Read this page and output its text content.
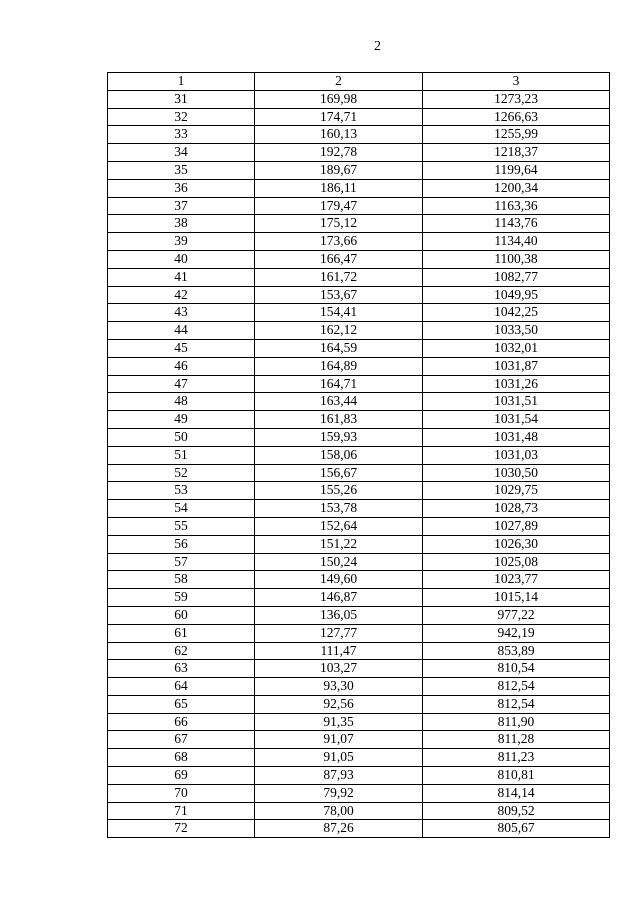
2
1	2	3
31	169,98	1273,23
32	174,71	1266,63
33	160,13	1255,99
34	192,78	1218,37
35	189,67	1199,64
36	186,11	1200,34
37	179,47	1163,36
38	175,12	1143,76
39	173,66	1134,40
40	166,47	1100,38
41	161,72	1082,77
42	153,67	1049,95
43	154,41	1042,25
44	162,12	1033,50
45	164,59	1032,01
46	164,89	1031,87
47	164,71	1031,26
48	163,44	1031,51
49	161,83	1031,54
50	159,93	1031,48
51	158,06	1031,03
52	156,67	1030,50
53	155,26	1029,75
54	153,78	1028,73
55	152,64	1027,89
56	151,22	1026,30
57	150,24	1025,08
58	149,60	1023,77
59	146,87	1015,14
60	136,05	977,22
61	127,77	942,19
62	111,47	853,89
63	103,27	810,54
64	93,30	812,54
65	92,56	812,54
66	91,35	811,90
67	91,07	811,28
68	91,05	811,23
69	87,93	810,81
70	79,92	814,14
71	78,00	809,52
72	87,26	805,67
